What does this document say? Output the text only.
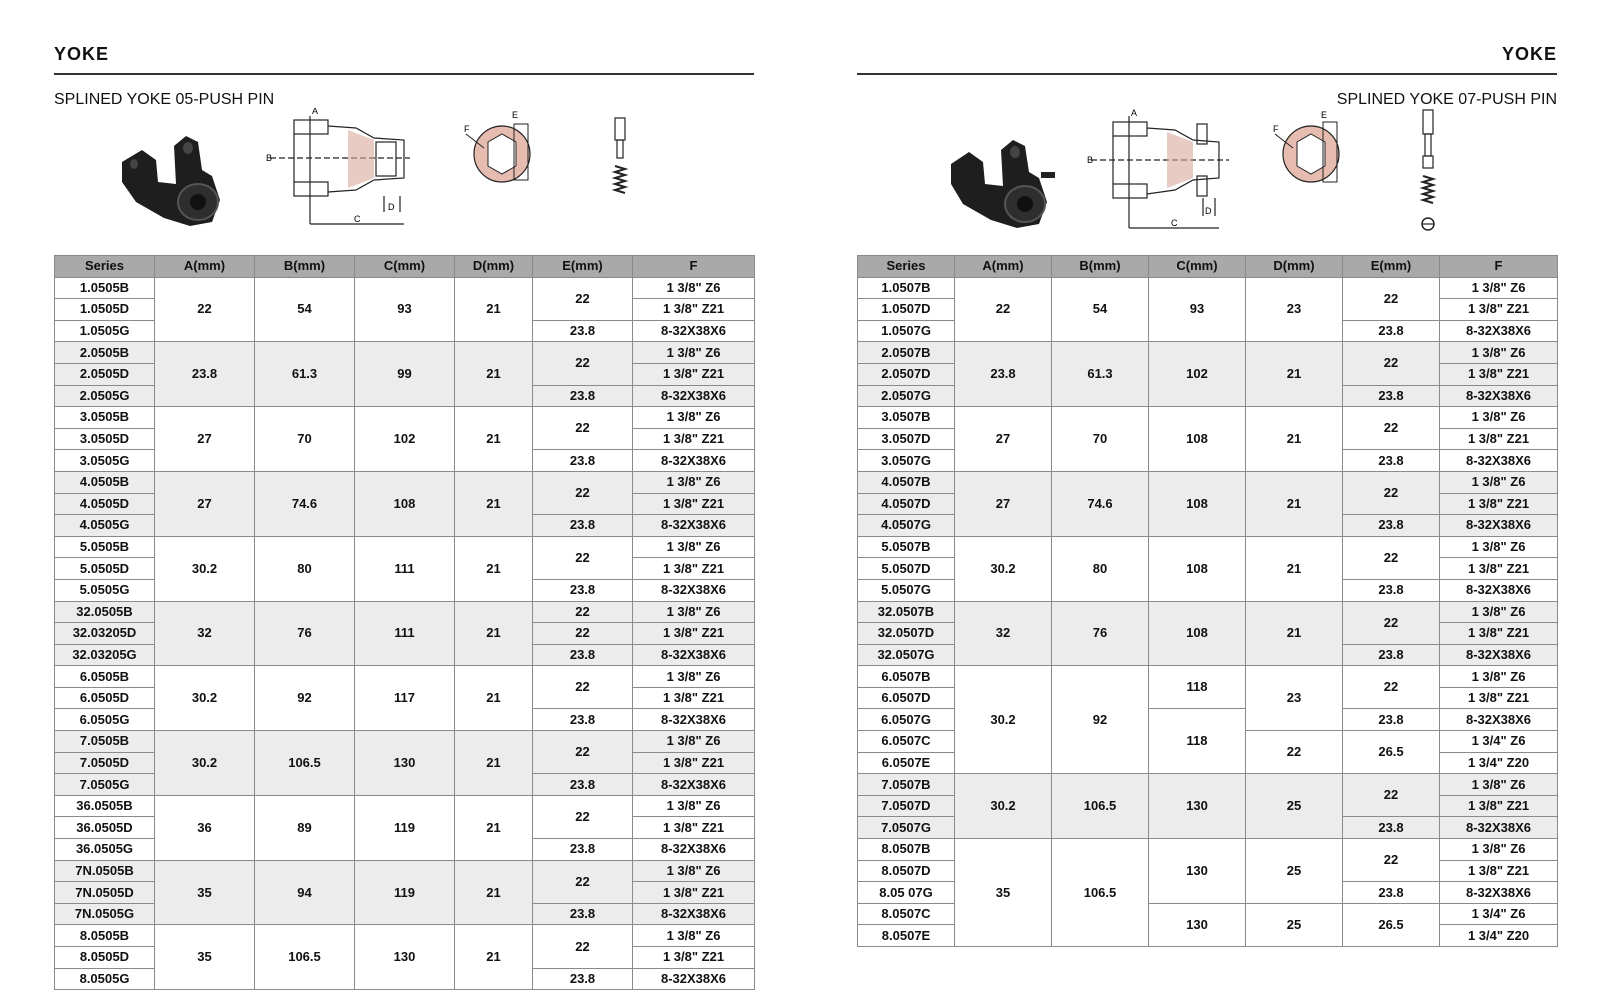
YOKE
SPLINED YOKE 05-PUSH PIN
A
B
C
D
E
F
Series	A(mm)	B(mm)	C(mm)	D(mm)	E(mm)	F
1.0505B	22	54	93	21	22	1 3/8" Z6
1.0505D						1 3/8" Z21
1.0505G					23.8	8-32X38X6
2.0505B	23.8	61.3	99	21	22	1 3/8" Z6
2.0505D						1 3/8" Z21
2.0505G					23.8	8-32X38X6
3.0505B	27	70	102	21	22	1 3/8" Z6
3.0505D						1 3/8" Z21
3.0505G					23.8	8-32X38X6
4.0505B	27	74.6	108	21	22	1 3/8" Z6
4.0505D						1 3/8" Z21
4.0505G					23.8	8-32X38X6
5.0505B	30.2	80	111	21	22	1 3/8" Z6
5.0505D						1 3/8" Z21
5.0505G					23.8	8-32X38X6
32.0505B	32	76	111	21	22	1 3/8" Z6
32.03205D					22	1 3/8" Z21
32.03205G					23.8	8-32X38X6
6.0505B	30.2	92	117	21	22	1 3/8" Z6
6.0505D						1 3/8" Z21
6.0505G					23.8	8-32X38X6
7.0505B	30.2	106.5	130	21	22	1 3/8" Z6
7.0505D						1 3/8" Z21
7.0505G					23.8	8-32X38X6
36.0505B	36	89	119	21	22	1 3/8" Z6
36.0505D						1 3/8" Z21
36.0505G					23.8	8-32X38X6
7N.0505B	35	94	119	21	22	1 3/8" Z6
7N.0505D						1 3/8" Z21
7N.0505G					23.8	8-32X38X6
8.0505B	35	106.5	130	21	22	1 3/8" Z6
8.0505D						1 3/8" Z21
8.0505G					23.8	8-32X38X6
YOKE
SPLINED YOKE 07-PUSH PIN
A
B
C
D
E
F
Series	A(mm)	B(mm)	C(mm)	D(mm)	E(mm)	F
1.0507B	22	54	93	23	22	1 3/8" Z6
1.0507D						1 3/8" Z21
1.0507G					23.8	8-32X38X6
2.0507B	23.8	61.3	102	21	22	1 3/8" Z6
2.0507D						1 3/8" Z21
2.0507G					23.8	8-32X38X6
3.0507B	27	70	108	21	22	1 3/8" Z6
3.0507D						1 3/8" Z21
3.0507G					23.8	8-32X38X6
4.0507B	27	74.6	108	21	22	1 3/8" Z6
4.0507D						1 3/8" Z21
4.0507G					23.8	8-32X38X6
5.0507B	30.2	80	108	21	22	1 3/8" Z6
5.0507D						1 3/8" Z21
5.0507G					23.8	8-32X38X6
32.0507B	32	76	108	21	22	1 3/8" Z6
32.0507D						1 3/8" Z21
32.0507G					23.8	8-32X38X6
6.0507B	30.2	92	118	23	22	1 3/8" Z6
6.0507D						1 3/8" Z21
6.0507G			118		23.8	8-32X38X6
6.0507C				22	26.5	1 3/4" Z6
6.0507E						1 3/4" Z20
7.0507B	30.2	106.5	130	25	22	1 3/8" Z6
7.0507D						1 3/8" Z21
7.0507G					23.8	8-32X38X6
8.0507B	35	106.5	130	25	22	1 3/8" Z6
8.0507D						1 3/8" Z21
8.05 07G					23.8	8-32X38X6
8.0507C			130	25	26.5	1 3/4" Z6
8.0507E						1 3/4" Z20
